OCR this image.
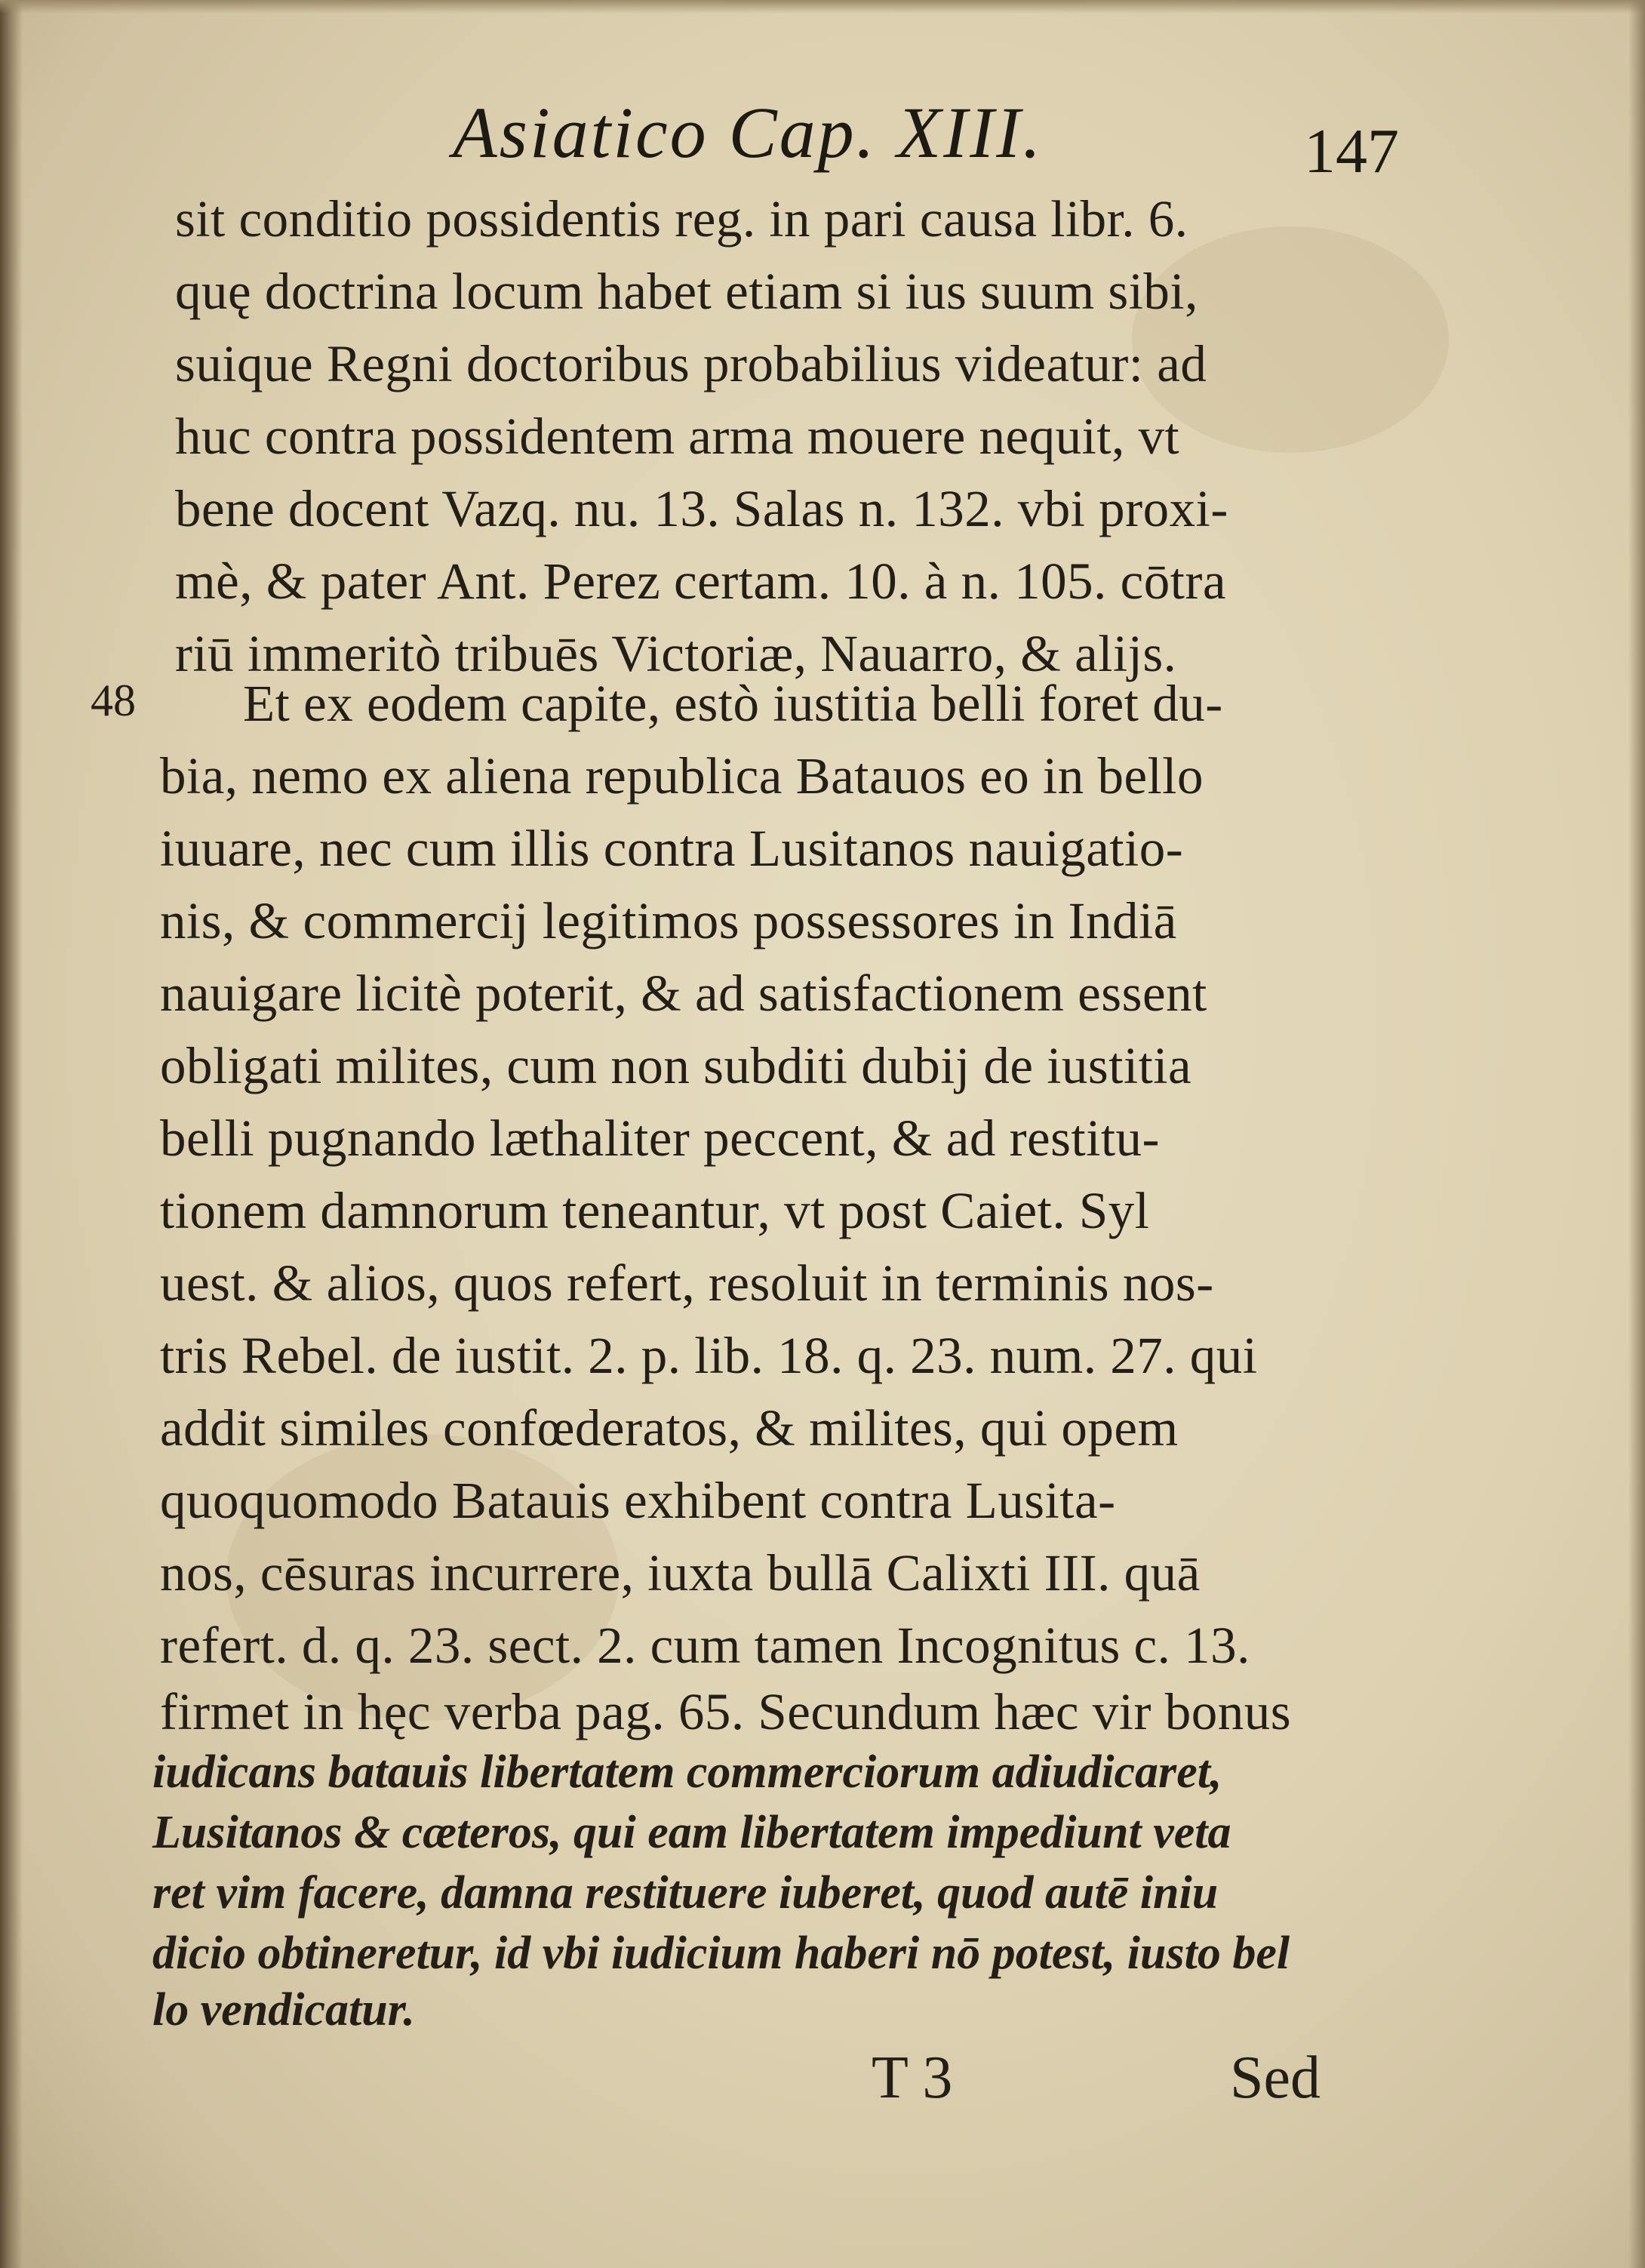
Asiatico Cap. XIII.	147
48
sit conditio possidentis reg. in pari causa libr. 6.
quę doctrina locum habet etiam si ius suum sibi,
suique Regni doctoribus probabilius videatur: ad
huc contra possidentem arma mouere nequit, vt
bene docent Vazq. nu. 13. Salas n. 132. vbi proxi-
mè, & pater Ant. Perez certam. 10. à n. 105. cōtra
riū immeritò tribuēs Victoriæ, Nauarro, & alijs.
Et ex eodem capite, estò iustitia belli foret du-
bia, nemo ex aliena republica Batauos eo in bello
iuuare, nec cum illis contra Lusitanos nauigatio-
nis, & commercij legitimos possessores in Indiā
nauigare licitè poterit, & ad satisfactionem essent
obligati milites, cum non subditi dubij de iustitia
belli pugnando læthaliter peccent, & ad restitu-
tionem damnorum teneantur, vt post Caiet. Syl
uest. & alios, quos refert, resoluit in terminis nos-
tris Rebel. de iustit. 2. p. lib. 18. q. 23. num. 27. qui
addit similes confœderatos, & milites, qui opem
quoquomodo Batauis exhibent contra Lusita-
nos, cēsuras incurrere, iuxta bullā Calixti III. quā
refert. d. q. 23. sect. 2. cum tamen Incognitus c. 13.
firmet in hęc verba pag. 65. Secundum hæc vir bonus
iudicans batauis libertatem commerciorum adiudicaret,
Lusitanos & cæteros, qui eam libertatem impediunt veta
ret vim facere, damna restituere iuberet, quod autē iniu
dicio obtineretur, id vbi iudicium haberi nō potest, iusto bel
lo vendicatur.
T 3	Sed
